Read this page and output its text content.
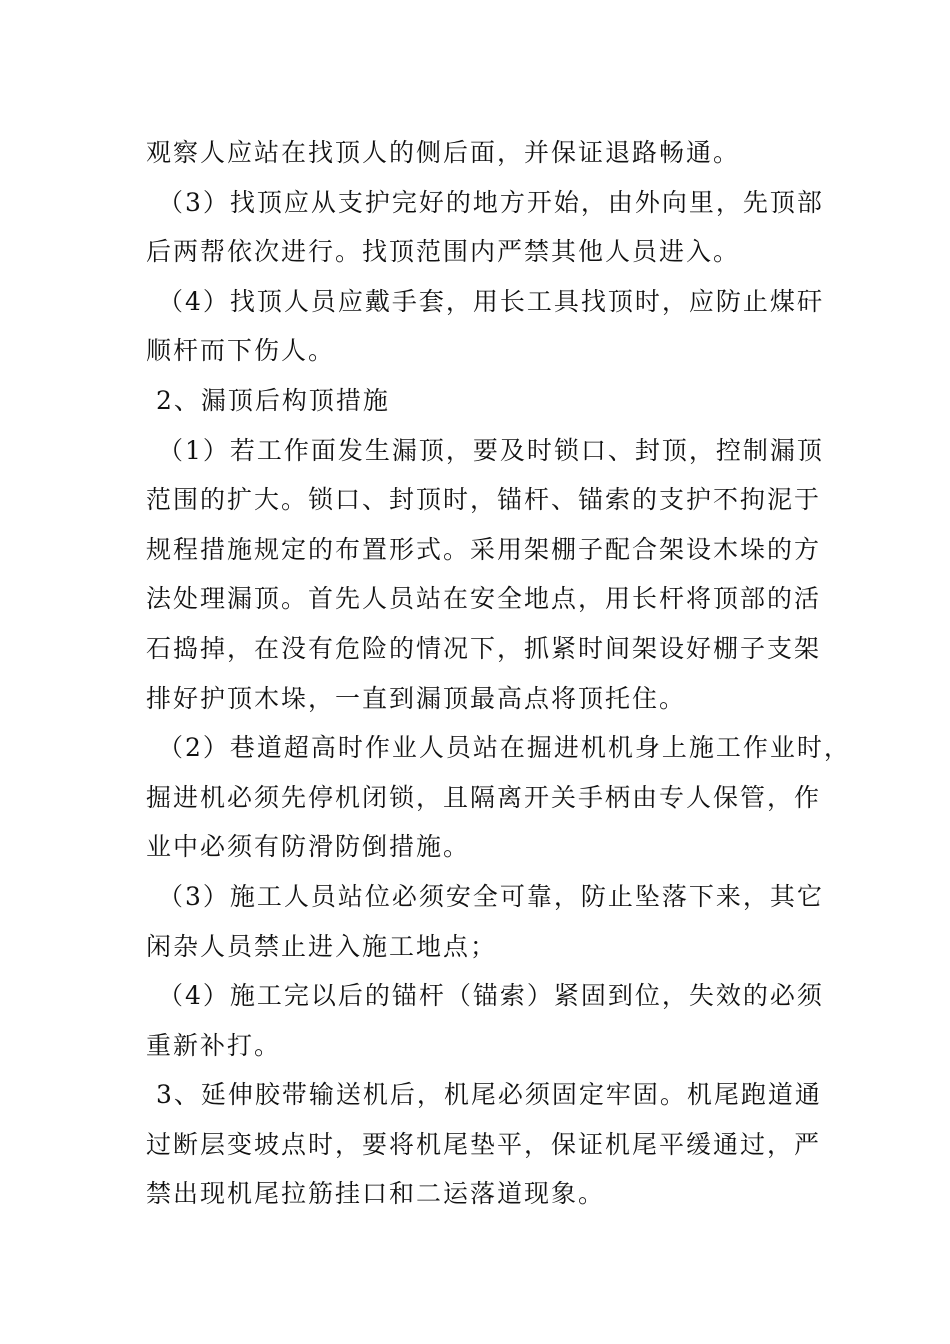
观察人应站在找顶人的侧后面，并保证退路畅通。
（3）找顶应从支护完好的地方开始，由外向里，先顶部
后两帮依次进行。找顶范围内严禁其他人员进入。
（4）找顶人员应戴手套，用长工具找顶时，应防止煤矸
顺杆而下伤人。
2、漏顶后构顶措施
（1）若工作面发生漏顶，要及时锁口、封顶，控制漏顶
范围的扩大。锁口、封顶时，锚杆、锚索的支护不拘泥于
规程措施规定的布置形式。采用架棚子配合架设木垛的方
法处理漏顶。首先人员站在安全地点，用长杆将顶部的活
石捣掉，在没有危险的情况下，抓紧时间架设好棚子支架
排好护顶木垛，一直到漏顶最高点将顶托住。
（2）巷道超高时作业人员站在掘进机机身上施工作业时，
掘进机必须先停机闭锁，且隔离开关手柄由专人保管，作
业中必须有防滑防倒措施。
（3）施工人员站位必须安全可靠，防止坠落下来，其它
闲杂人员禁止进入施工地点；
（4）施工完以后的锚杆（锚索）紧固到位，失效的必须
重新补打。
3、延伸胶带输送机后，机尾必须固定牢固。机尾跑道通
过断层变坡点时，要将机尾垫平，保证机尾平缓通过，严
禁出现机尾拉筋挂口和二运落道现象。
